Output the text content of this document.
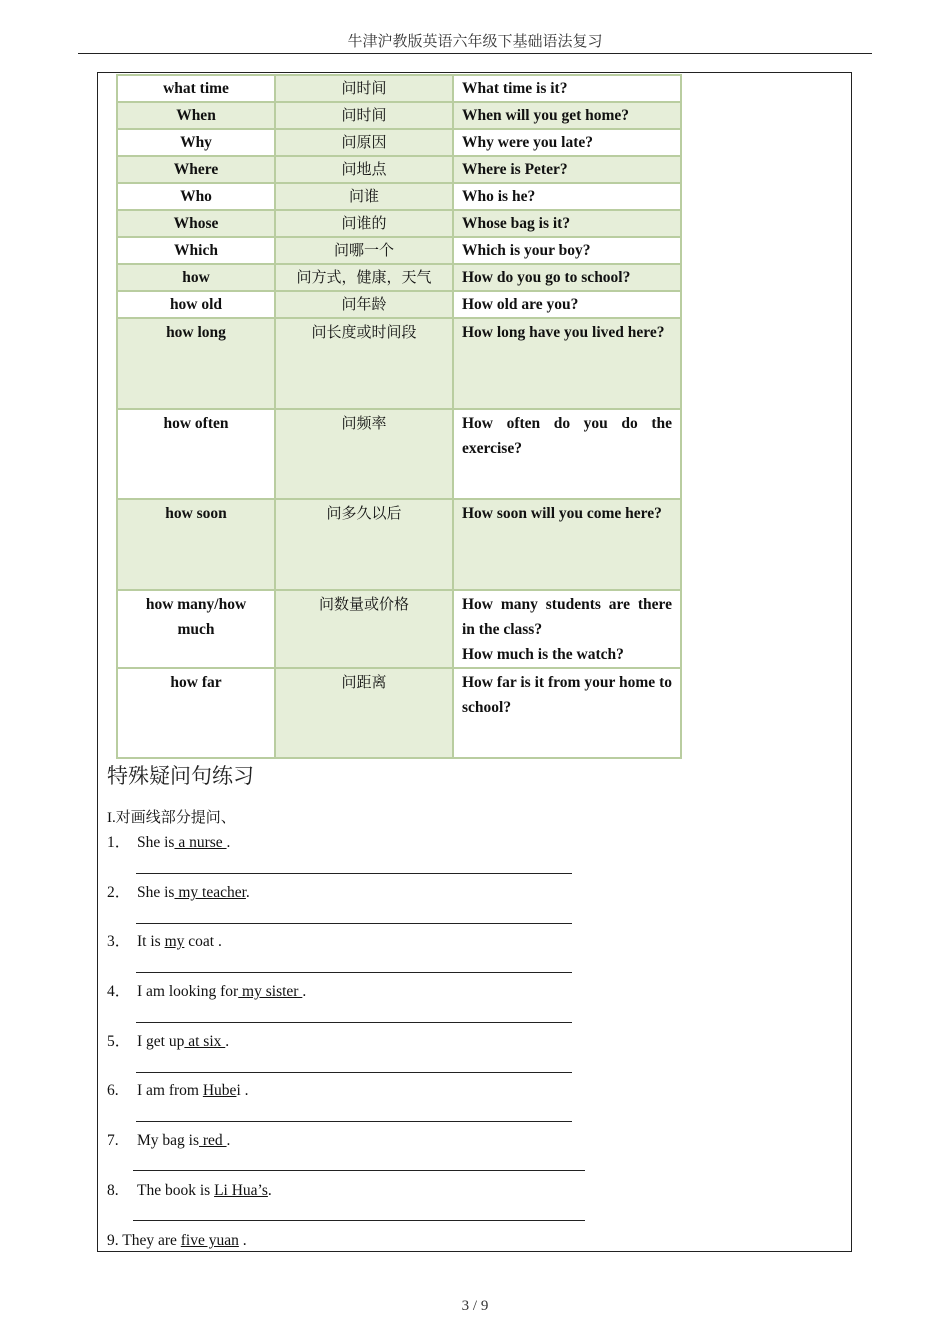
牛津沪教版英语六年级下基础语法复习
what time	问时间	What time is it?
When	问时间	When will you get home?
Why	问原因	Why were you late?
Where	问地点	Where is Peter?
Who	问谁	Who is he?
Whose	问谁的	Whose bag is it?
Which	问哪一个	Which is your boy?
how	问方式，健康，天气	How do you go to school?
how old	问年龄	How old are you?
how long	问长度或时间段	How long have you lived here?
how often	问频率	How often do you do the exercise?
how soon	问多久以后	How soon will you come here?
how many/how much	问数量或价格	How many students are there in the class?
How much is the watch?

how far	问距离	How far is it from your home to school?
特殊疑问句练习
I.对画线部分提问、
1． She is a nurse .
2． She is my teacher.
3． It is my coat .
4． I am looking for my sister .
5． I get up at six .
6. I am from Hubei .
7. My bag is red .
8. The book is Li Hua’s.
9. They are five yuan .
3 / 9
